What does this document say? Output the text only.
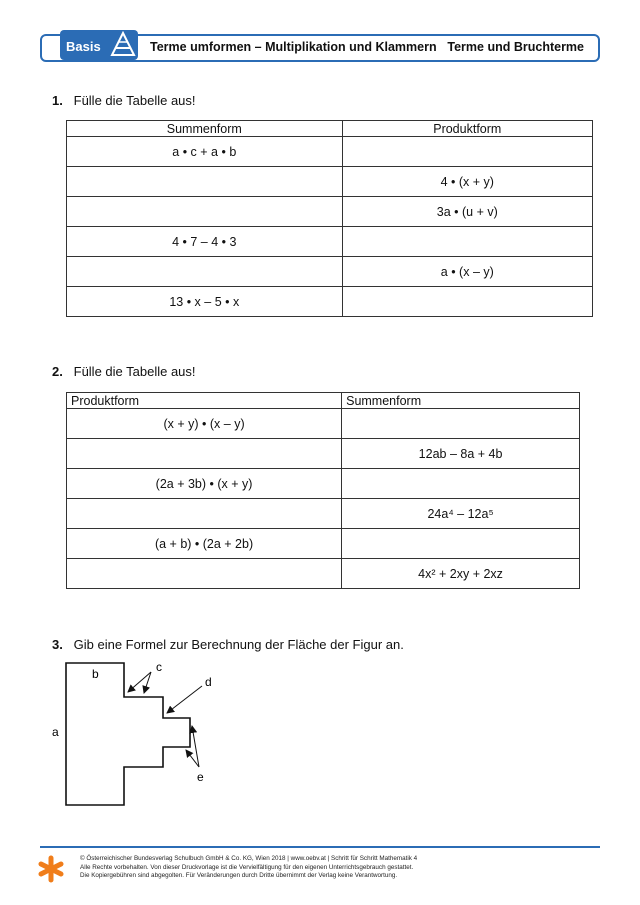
Basis	Terme umformen – Multiplikation und Klammern Terme und Bruchterme
1. Fülle die Tabelle aus!
Summenform	Produktform
a • c + a • b	
	4 • (x + y)
	3a • (u + v)
4 • 7 – 4 • 3	
	a • (x – y)
13 • x – 5 • x	
2. Fülle die Tabelle aus!
Produktform	Summenform
(x + y) • (x – y)	
	12ab – 8a + 4b
(2a + 3b) • (x + y)	
	24a⁴ – 12a⁵
(a + b) • (2a + 2b)	
	4x² + 2xy + 2xz
3. Gib eine Formel zur Berechnung der Fläche der Figur an.
a
b	c
d
e
© Österreichischer Bundesverlag Schulbuch GmbH & Co. KG, Wien 2018 | www.oebv.at | Schritt für Schritt Mathematik 4
Alle Rechte vorbehalten. Von dieser Druckvorlage ist die Vervielfältigung für den eigenen Unterrichtsgebrauch gestattet.
Die Kopiergebühren sind abgegolten. Für Veränderungen durch Dritte übernimmt der Verlag keine Verantwortung.
